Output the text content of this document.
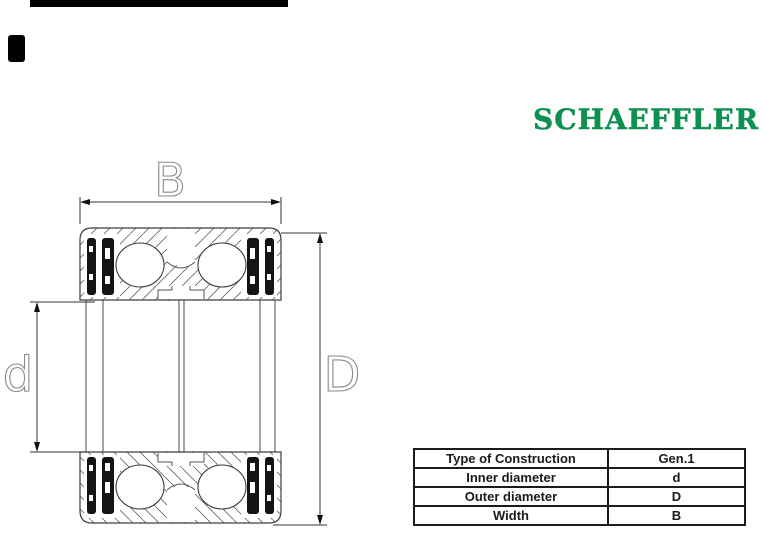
SCHAEFFLER
B
d	D
Type of Construction	Gen.1
Inner diameter	d
Outer diameter	D
Width	B
